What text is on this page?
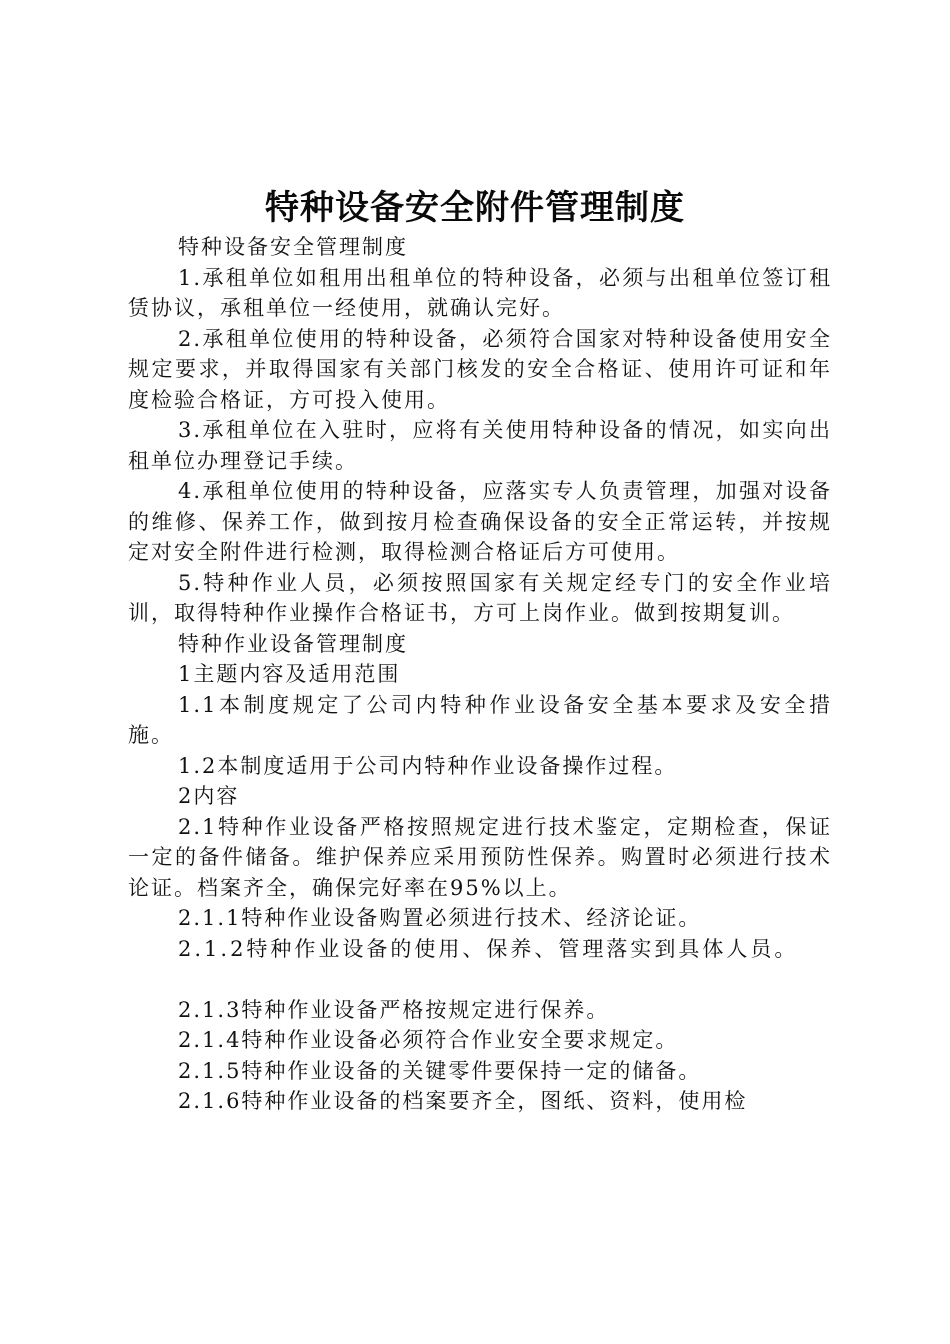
特种设备安全附件管理制度

特种设备安全管理制度

1.承租单位如租用出租单位的特种设备，必须与出租单位签订租赁协议，承租单位一经使用，就确认完好。

2.承租单位使用的特种设备，必须符合国家对特种设备使用安全规定要求，并取得国家有关部门核发的安全合格证、使用许可证和年度检验合格证，方可投入使用。

3.承租单位在入驻时，应将有关使用特种设备的情况，如实向出租单位办理登记手续。

4.承租单位使用的特种设备，应落实专人负责管理，加强对设备的维修、保养工作，做到按月检查确保设备的安全正常运转，并按规定对安全附件进行检测，取得检测合格证后方可使用。

5.特种作业人员，必须按照国家有关规定经专门的安全作业培训，取得特种作业操作合格证书，方可上岗作业。做到按期复训。

特种作业设备管理制度

1主题内容及适用范围

1.1本制度规定了公司内特种作业设备安全基本要求及安全措施。

1.2本制度适用于公司内特种作业设备操作过程。

2内容

2.1特种作业设备严格按照规定进行技术鉴定，定期检查，保证一定的备件储备。维护保养应采用预防性保养。购置时必须进行技术论证。档案齐全，确保完好率在95%以上。

2.1.1特种作业设备购置必须进行技术、经济论证。

2.1.2特种作业设备的使用、保养、管理落实到具体人员。

2.1.3特种作业设备严格按规定进行保养。

2.1.4特种作业设备必须符合作业安全要求规定。

2.1.5特种作业设备的关键零件要保持一定的储备。

2.1.6特种作业设备的档案要齐全，图纸、资料，使用检
